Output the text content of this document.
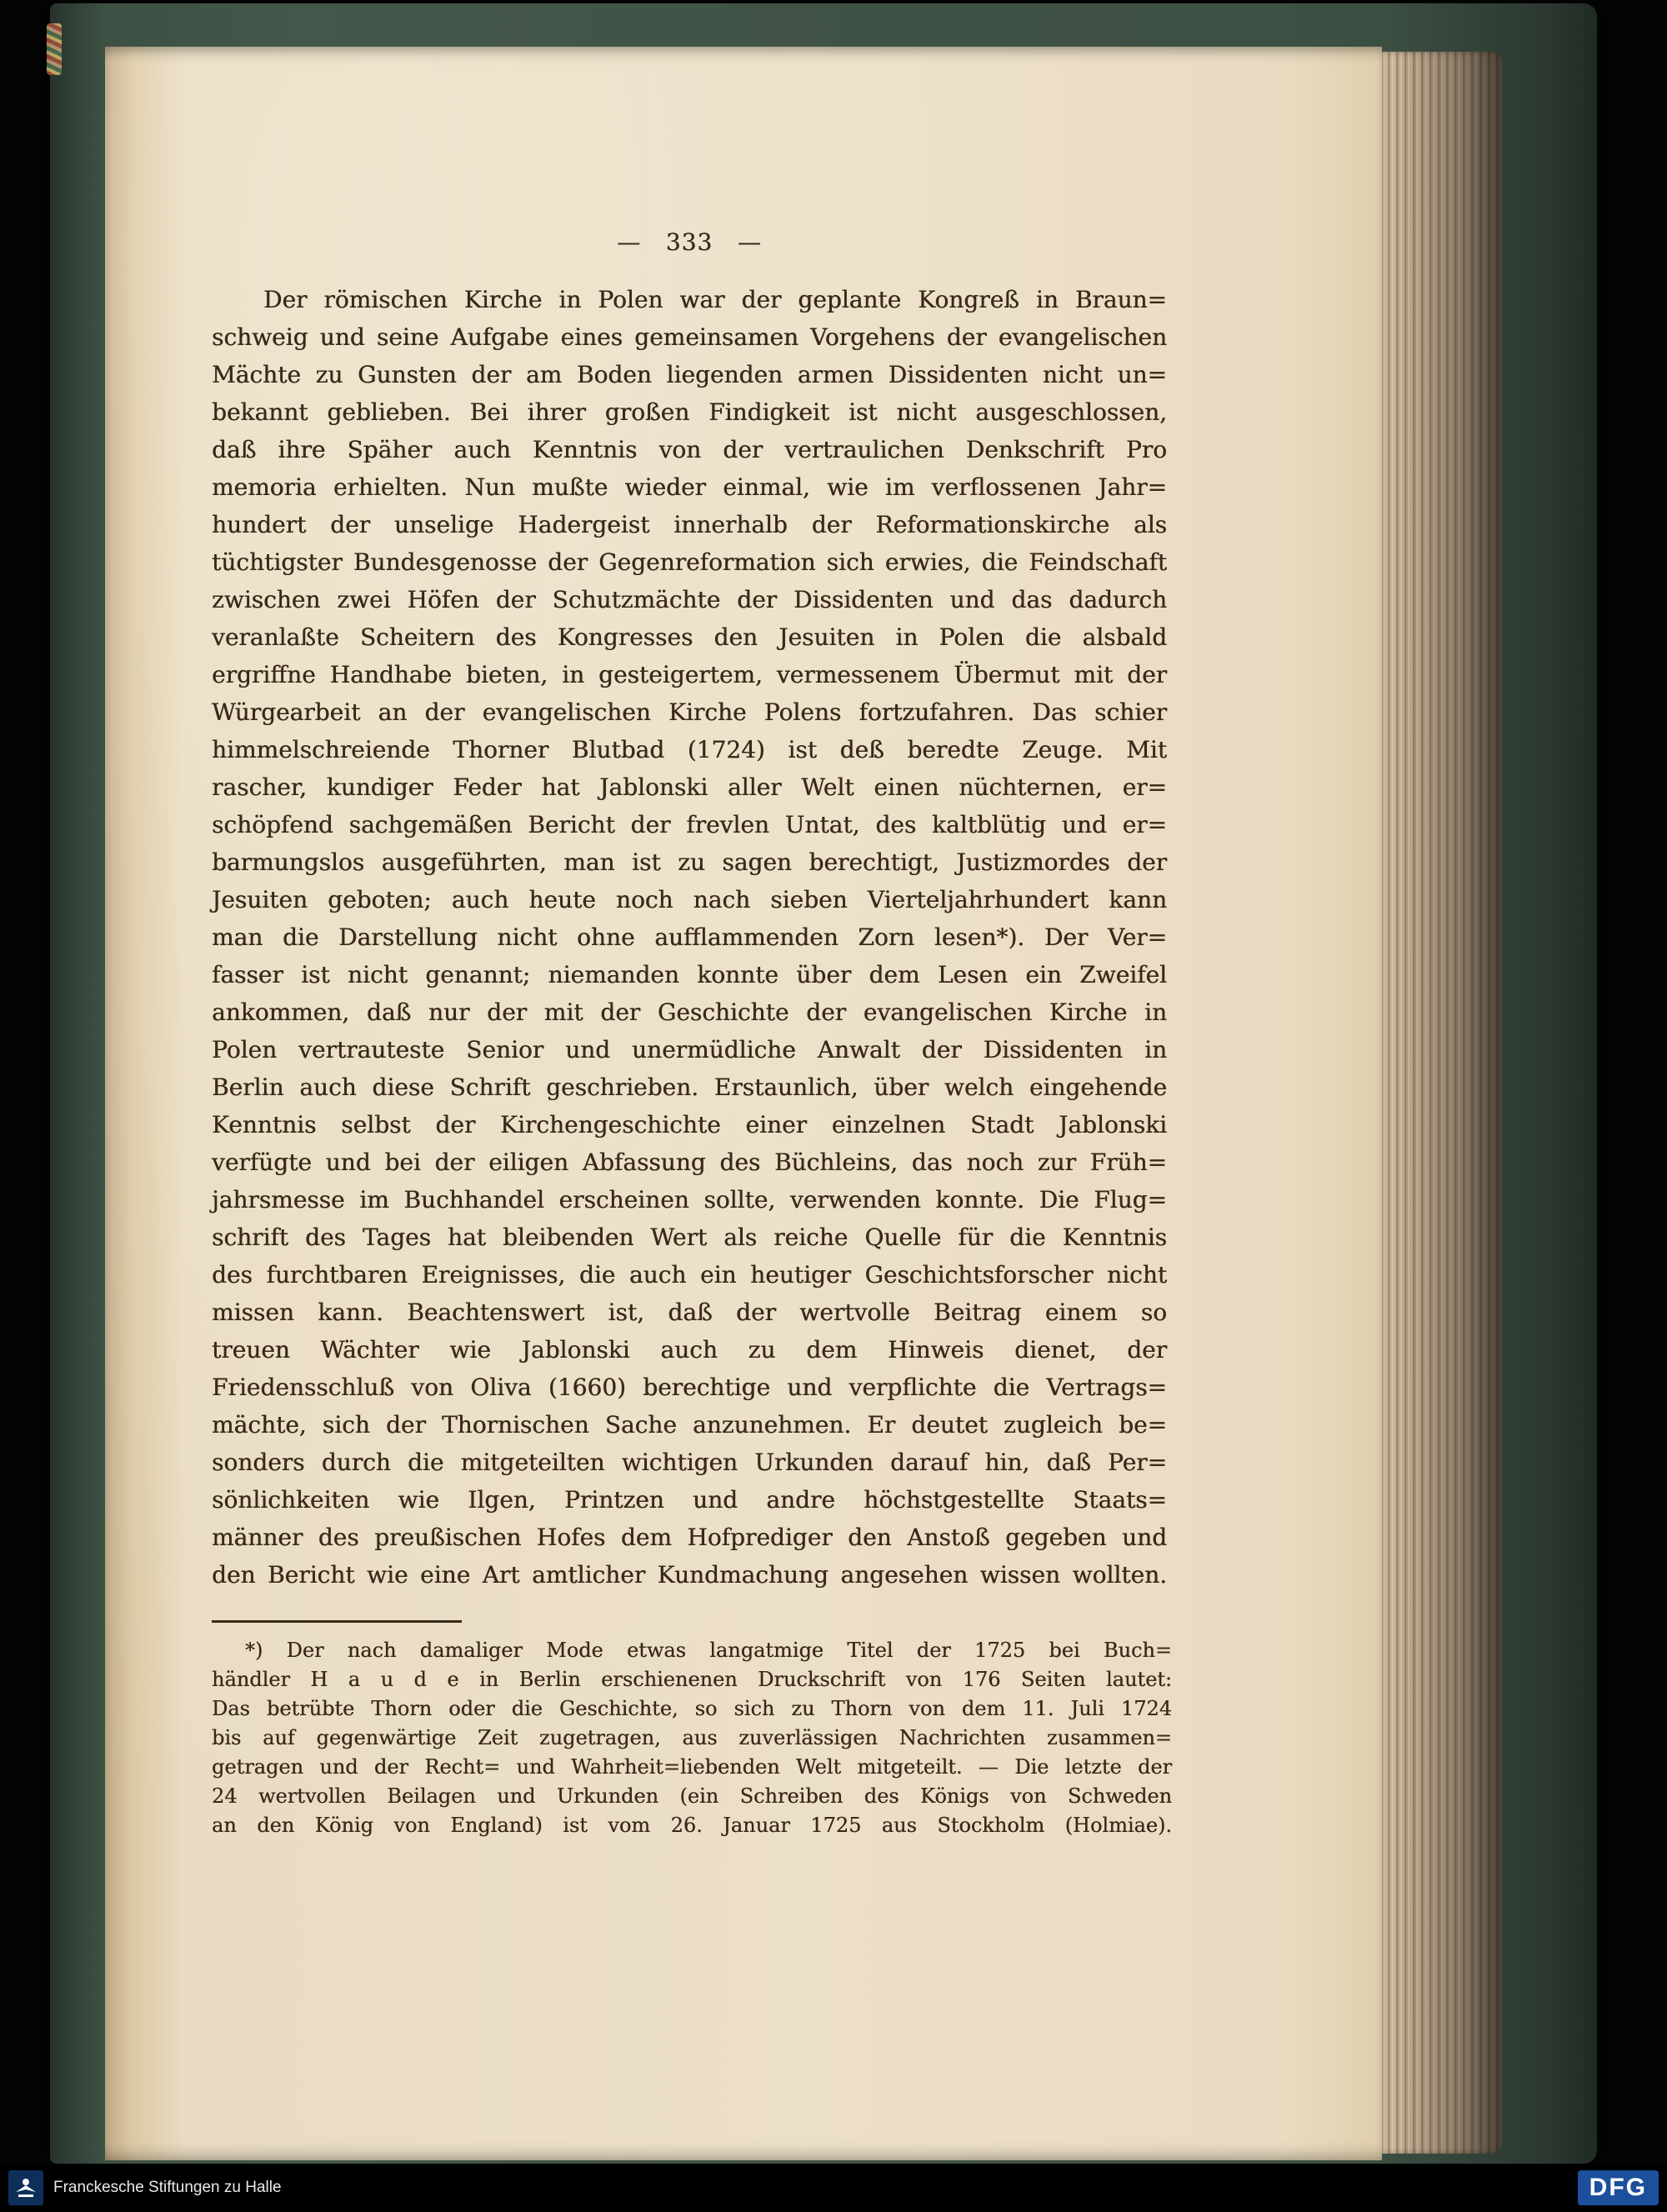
—   333   —
Der römischen Kirche in Polen war der geplante Kongreß in Braun=
schweig und seine Aufgabe eines gemeinsamen Vorgehens der evangelischen
Mächte zu Gunsten der am Boden liegenden armen Dissidenten nicht un=
bekannt geblieben. Bei ihrer großen Findigkeit ist nicht ausgeschlossen,
daß ihre Späher auch Kenntnis von der vertraulichen Denkschrift Pro
memoria erhielten. Nun mußte wieder einmal, wie im verflossenen Jahr=
hundert der unselige Hadergeist innerhalb der Reformationskirche als
tüchtigster Bundesgenosse der Gegenreformation sich erwies, die Feindschaft
zwischen zwei Höfen der Schutzmächte der Dissidenten und das dadurch
veranlaßte Scheitern des Kongresses den Jesuiten in Polen die alsbald
ergriffne Handhabe bieten, in gesteigertem, vermessenem Übermut mit der
Würgearbeit an der evangelischen Kirche Polens fortzufahren. Das schier
himmelschreiende Thorner Blutbad (1724) ist deß beredte Zeuge. Mit
rascher, kundiger Feder hat Jablonski aller Welt einen nüchternen, er=
schöpfend sachgemäßen Bericht der frevlen Untat, des kaltblütig und er=
barmungslos ausgeführten, man ist zu sagen berechtigt, Justizmordes der
Jesuiten geboten; auch heute noch nach sieben Vierteljahrhundert kann
man die Darstellung nicht ohne aufflammenden Zorn lesen*). Der Ver=
fasser ist nicht genannt; niemanden konnte über dem Lesen ein Zweifel
ankommen, daß nur der mit der Geschichte der evangelischen Kirche in
Polen vertrauteste Senior und unermüdliche Anwalt der Dissidenten in
Berlin auch diese Schrift geschrieben. Erstaunlich, über welch eingehende
Kenntnis selbst der Kirchengeschichte einer einzelnen Stadt Jablonski
verfügte und bei der eiligen Abfassung des Büchleins, das noch zur Früh=
jahrsmesse im Buchhandel erscheinen sollte, verwenden konnte. Die Flug=
schrift des Tages hat bleibenden Wert als reiche Quelle für die Kenntnis
des furchtbaren Ereignisses, die auch ein heutiger Geschichtsforscher nicht
missen kann. Beachtenswert ist, daß der wertvolle Beitrag einem so
treuen Wächter wie Jablonski auch zu dem Hinweis dienet, der
Friedensschluß von Oliva (1660) berechtige und verpflichte die Vertrags=
mächte, sich der Thornischen Sache anzunehmen. Er deutet zugleich be=
sonders durch die mitgeteilten wichtigen Urkunden darauf hin, daß Per=
sönlichkeiten wie Ilgen, Printzen und andre höchstgestellte Staats=
männer des preußischen Hofes dem Hofprediger den Anstoß gegeben und
den Bericht wie eine Art amtlicher Kundmachung angesehen wissen wollten.
*) Der nach damaliger Mode etwas langatmige Titel der 1725 bei Buch=
händler H a u d e in Berlin erschienenen Druckschrift von 176 Seiten lautet:
Das betrübte Thorn oder die Geschichte, so sich zu Thorn von dem 11. Juli 1724
bis auf gegenwärtige Zeit zugetragen, aus zuverlässigen Nachrichten zusammen=
getragen und der Recht= und Wahrheit=liebenden Welt mitgeteilt. — Die letzte der
24 wertvollen Beilagen und Urkunden (ein Schreiben des Königs von Schweden
an den König von England) ist vom 26. Januar 1725 aus Stockholm (Holmiae).
Franckesche Stiftungen zu Halle	DFG
